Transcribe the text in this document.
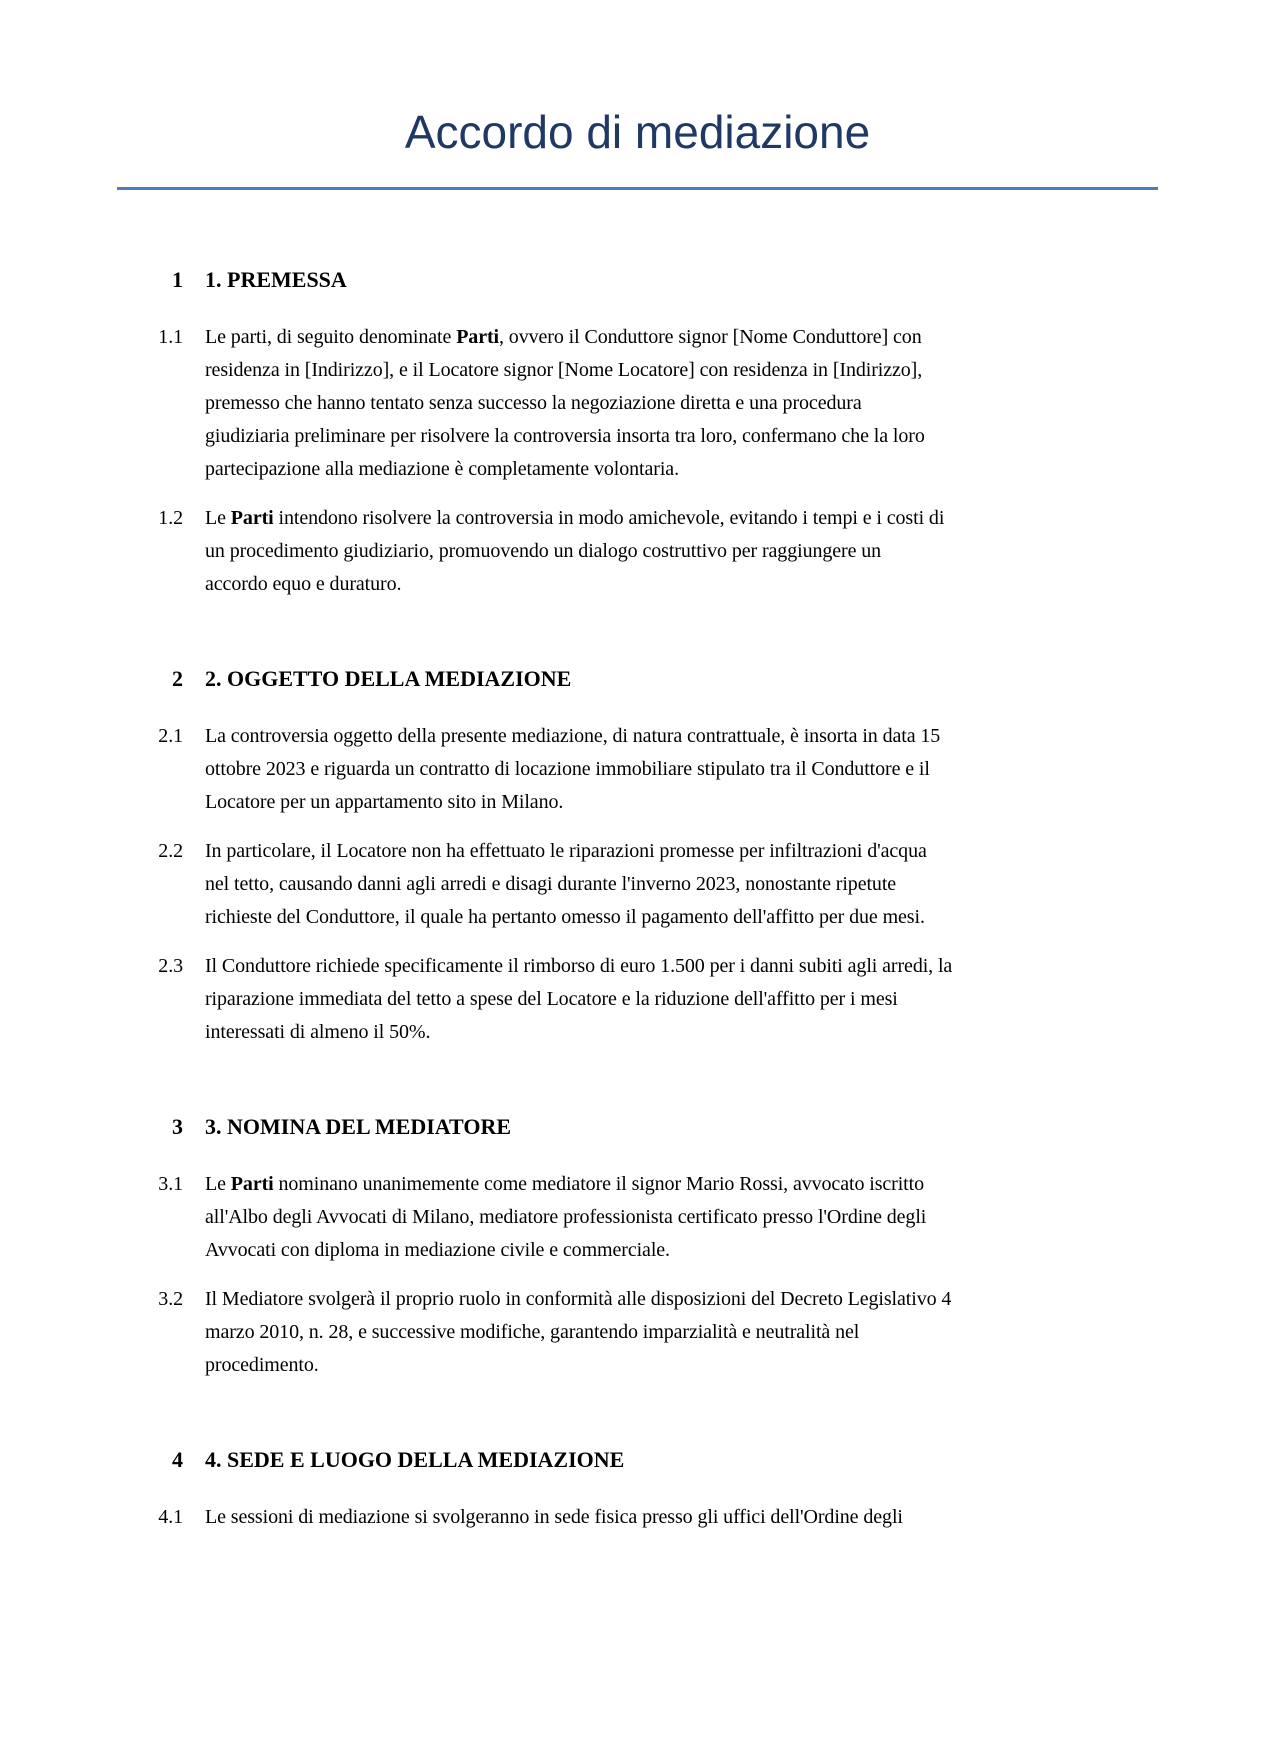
Accordo di mediazione
1 1. PREMESSA
1.1 Le parti, di seguito denominate Parti, ovvero il Conduttore signor [Nome Conduttore] con
residenza in [Indirizzo], e il Locatore signor [Nome Locatore] con residenza in [Indirizzo],
premesso che hanno tentato senza successo la negoziazione diretta e una procedura
giudiziaria preliminare per risolvere la controversia insorta tra loro, confermano che la loro
partecipazione alla mediazione è completamente volontaria.
1.2 Le Parti intendono risolvere la controversia in modo amichevole, evitando i tempi e i costi di
un procedimento giudiziario, promuovendo un dialogo costruttivo per raggiungere un
accordo equo e duraturo.
2 2. OGGETTO DELLA MEDIAZIONE
2.1 La controversia oggetto della presente mediazione, di natura contrattuale, è insorta in data 15
ottobre 2023 e riguarda un contratto di locazione immobiliare stipulato tra il Conduttore e il
Locatore per un appartamento sito in Milano.
2.2 In particolare, il Locatore non ha effettuato le riparazioni promesse per infiltrazioni d'acqua
nel tetto, causando danni agli arredi e disagi durante l'inverno 2023, nonostante ripetute
richieste del Conduttore, il quale ha pertanto omesso il pagamento dell'affitto per due mesi.
2.3 Il Conduttore richiede specificamente il rimborso di euro 1.500 per i danni subiti agli arredi, la
riparazione immediata del tetto a spese del Locatore e la riduzione dell'affitto per i mesi
interessati di almeno il 50%.
3 3. NOMINA DEL MEDIATORE
3.1 Le Parti nominano unanimemente come mediatore il signor Mario Rossi, avvocato iscritto
all'Albo degli Avvocati di Milano, mediatore professionista certificato presso l'Ordine degli
Avvocati con diploma in mediazione civile e commerciale.
3.2 Il Mediatore svolgerà il proprio ruolo in conformità alle disposizioni del Decreto Legislativo 4
marzo 2010, n. 28, e successive modifiche, garantendo imparzialità e neutralità nel
procedimento.
4 4. SEDE E LUOGO DELLA MEDIAZIONE
4.1 Le sessioni di mediazione si svolgeranno in sede fisica presso gli uffici dell'Ordine degli
